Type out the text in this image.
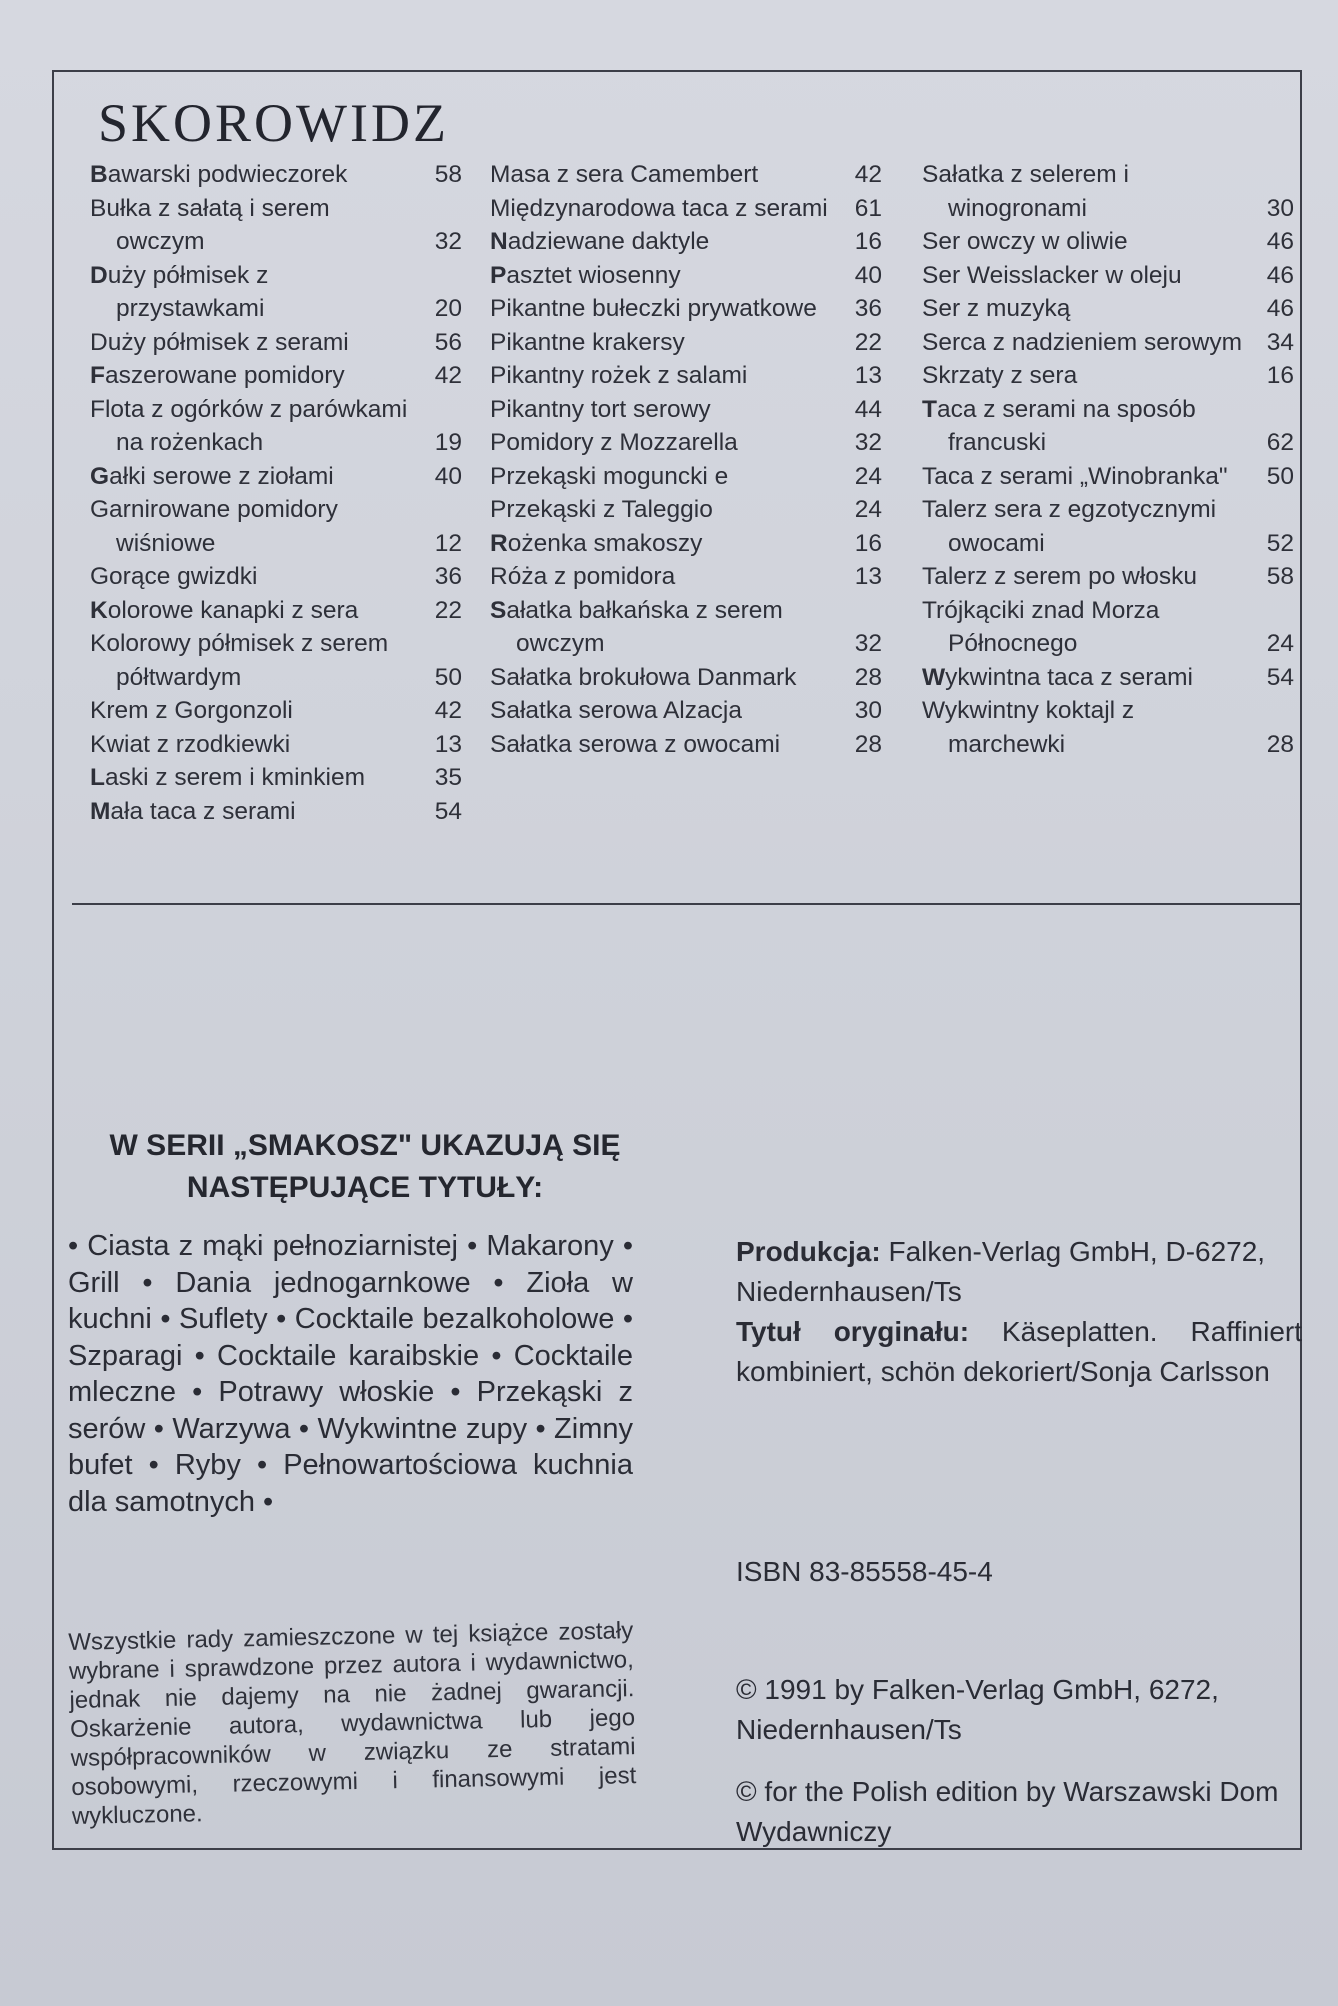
SKOROWIDZ
Bawarski podwieczorek	58
Bułka z sałatą i serem owczym	32
Duży półmisek z przystawkami	20
Duży półmisek z serami	56
Faszerowane pomidory	42
Flota z ogórków z parówkami na rożenkach	19
Gałki serowe z ziołami	40
Garnirowane pomidory wiśniowe	12
Gorące gwizdki	36
Kolorowe kanapki z sera	22
Kolorowy półmisek z serem półtwardym	50
Krem z Gorgonzoli	42
Kwiat z rzodkiewki	13
Laski z serem i kminkiem	35
Mała taca z serami	54
Masa z sera Camembert	42
Międzynarodowa taca z serami 61
Nadziewane daktyle	16
Pasztet wiosenny	40
Pikantne bułeczki prywatkowe	36
Pikantne krakersy	22
Pikantny rożek z salami	13
Pikantny tort serowy	44
Pomidory z Mozzarella	32
Przekąski moguncki e	24
Przekąski z Taleggio	24
Rożenka smakoszy	16
Róża z pomidora	13
Sałatka bałkańska z serem owczym	32
Sałatka brokułowa Danmark	28
Sałatka serowa Alzacja	30
Sałatka serowa z owocami	28
Sałatka z selerem i winogronami	30
Ser owczy w oliwie	46
Ser Weisslacker w oleju	46
Ser z muzyką	46
Serca z nadzieniem serowym 34
Skrzaty z sera	16
Taca z serami na sposób francuski	62
Taca z serami „Winobranka"	50
Talerz sera z egzotycznymi owocami	52
Talerz z serem po włosku	58
Trójkąciki znad Morza Północnego	24
Wykwintna taca z serami	54
Wykwintny koktajl z marchewki	28
W SERII „SMAKOSZ" UKAZUJĄ SIĘ
NASTĘPUJĄCE TYTUŁY:

• Ciasta z mąki pełnoziarnistej • Makarony • Grill • Dania jednogarnkowe • Zioła w kuchni • Suflety • Cocktaile bezalkoholowe • Szparagi • Cocktaile karaibskie • Cocktaile mleczne • Potrawy włoskie • Przekąski z serów • Warzywa • Wykwintne zupy • Zimny bufet • Ryby • Pełnowartościowa kuchnia dla samotnych •

Wszystkie rady zamieszczone w tej książce zostały wybrane i sprawdzone przez autora i wydawnictwo, jednak nie dajemy na nie żadnej gwarancji. Oskarżenie autora, wydawnictwa lub jego współpracowników w związku ze stratami osobowymi, rzeczowymi i finansowymi jest wykluczone.

Produkcja: Falken-Verlag GmbH, D-6272, Niedernhausen/Ts

Tytuł oryginału: Käseplatten. Raffiniert kombiniert, schön dekoriert/Sonja Carlsson

ISBN 83-85558-45-4

© 1991 by Falken-Verlag GmbH, 6272, Niedernhausen/Ts

© for the Polish edition by Warszawski Dom Wydawniczy
